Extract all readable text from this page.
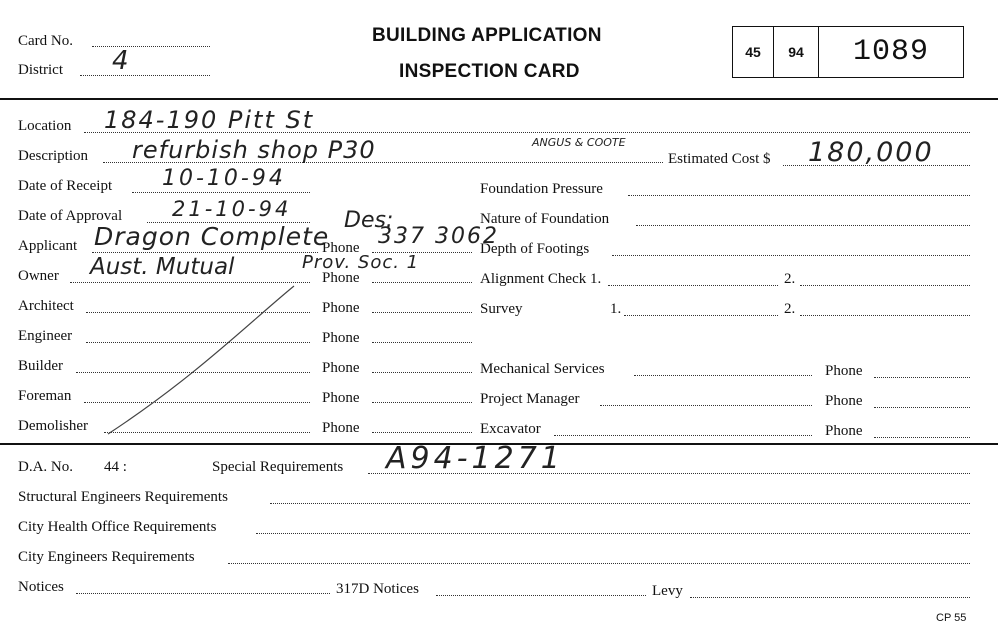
Card No.
District 4
BUILDING APPLICATION
INSPECTION CARD
45	94	1089
Location 184-190 Pitt St
Description refurbish shop P30	ANGUS & COOTE
Estimated Cost $ 180,000
Date of Receipt 10-10-94
Date of Approval 21-10-94 Des:
Applicant Dragon Complete
Phone 337 3062
Owner Aust. Mutual	Phone
Prov. Soc. 1
Architect	Phone
Engineer	Phone
Builder	Phone
Foreman	Phone
Demolisher	Phone
Foundation Pressure
Nature of Foundation
Depth of Footings
Alignment Check 1.	2.
Survey	1.	2.
Mechanical Services	Phone
Project Manager	Phone
Excavator	Phone
D.A. No. 44 :	Special Requirements A94-1271
Structural Engineers Requirements
City Health Office Requirements
City Engineers Requirements
Notices	317D Notices	Levy
CP 55
